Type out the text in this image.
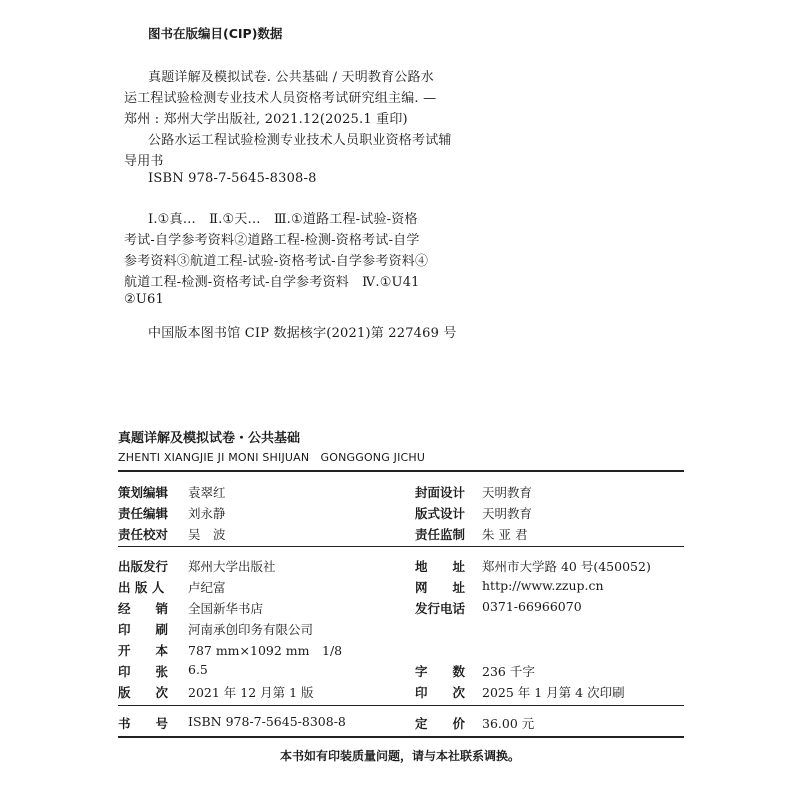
图书在版编目(CIP)数据
真题详解及模拟试卷. 公共基础 / 天明教育公路水
运工程试验检测专业技术人员资格考试研究组主编. —
郑州 : 郑州大学出版社, 2021.12(2025.1 重印)
公路水运工程试验检测专业技术人员职业资格考试辅
导用书
ISBN 978-7-5645-8308-8
Ⅰ.①真…　Ⅱ.①天…　Ⅲ.①道路工程-试验-资格
考试-自学参考资料②道路工程-检测-资格考试-自学
参考资料③航道工程-试验-资格考试-自学参考资料④
航道工程-检测-资格考试-自学参考资料　Ⅳ.①U41
②U61
中国版本图书馆 CIP 数据核字(2021)第 227469 号
真题详解及模拟试卷・公共基础
ZHENTI XIANGJIE JI MONI SHIJUAN　GONGGONG JICHU
策划编辑 袁翠红	封面设计 天明教育
责任编辑 刘永静	版式设计 天明教育
责任校对 吴　波	责任监制 朱 亚 君
出版发行 郑州大学出版社	地　　址 郑州市大学路 40 号(450052)
出 版 人 卢纪富	网　　址 http://www.zzup.cn
经　　销 全国新华书店	发行电话 0371-66966070
印　　刷 河南承创印务有限公司
开　　本 787 mm×1092 mm　1/8
印　　张 6.5	字　　数 236 千字
版　　次 2021 年 12 月第 1 版	印　　次 2025 年 1 月第 4 次印刷
书　　号 ISBN 978-7-5645-8308-8	定　　价 36.00 元
本书如有印装质量问题，请与本社联系调换。
